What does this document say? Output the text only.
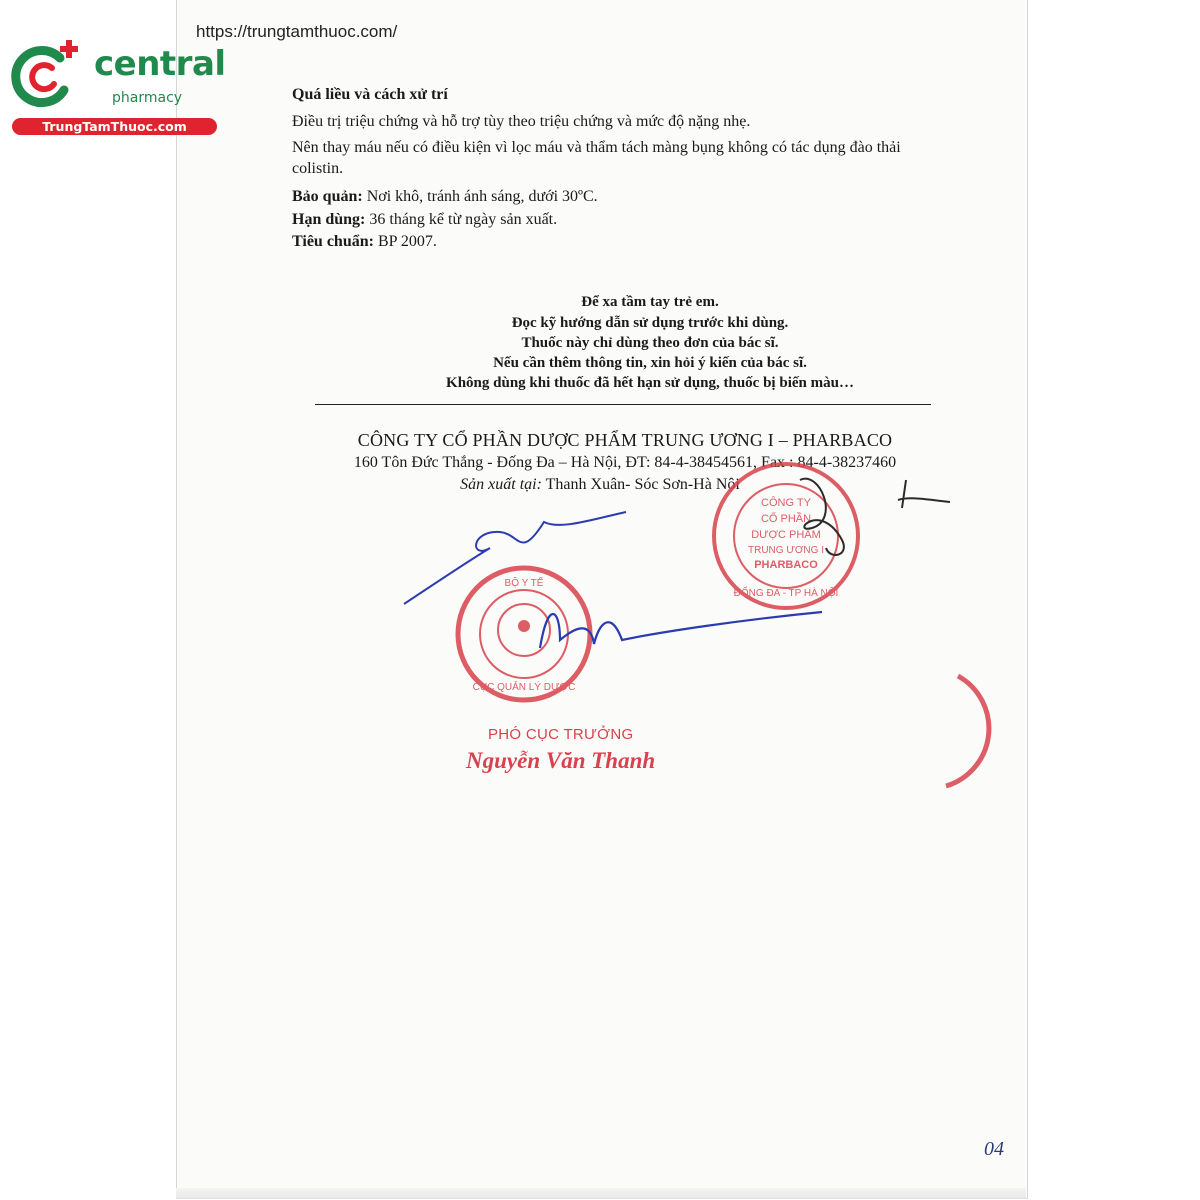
https://trungtamthuoc.com/
central
pharmacy
TrungTamThuoc.com
Quá liều và cách xử trí
Điều trị triệu chứng và hỗ trợ tùy theo triệu chứng và mức độ nặng nhẹ.
Nên thay máu nếu có điều kiện vì lọc máu và thẩm tách màng bụng không có tác dụng đào thải colistin.
Bảo quản: Nơi khô, tránh ánh sáng, dưới 30ºC.
Hạn dùng: 36 tháng kể từ ngày sản xuất.
Tiêu chuẩn: BP 2007.
Để xa tầm tay trẻ em.
Đọc kỹ hướng dẫn sử dụng trước khi dùng.
Thuốc này chỉ dùng theo đơn của bác sĩ.
Nếu cần thêm thông tin, xin hỏi ý kiến của bác sĩ.
Không dùng khi thuốc đã hết hạn sử dụng, thuốc bị biến màu…
CÔNG TY CỔ PHẦN DƯỢC PHẨM TRUNG ƯƠNG I – PHARBACO
160 Tôn Đức Thắng - Đống Đa – Hà Nội, ĐT: 84-4-38454561, Fax : 84-4-38237460
Sản xuất tại: Thanh Xuân- Sóc Sơn-Hà Nội
CÔNG TY
CỔ PHẦN
DƯỢC PHẨM
TRUNG ƯƠNG I
PHARBACO
ĐỐNG ĐA - TP HÀ NỘI
BỘ Y TẾ
CỤC QUẢN LÝ DƯỢC
PHÓ CỤC TRƯỞNG
Nguyễn Văn Thanh
04
